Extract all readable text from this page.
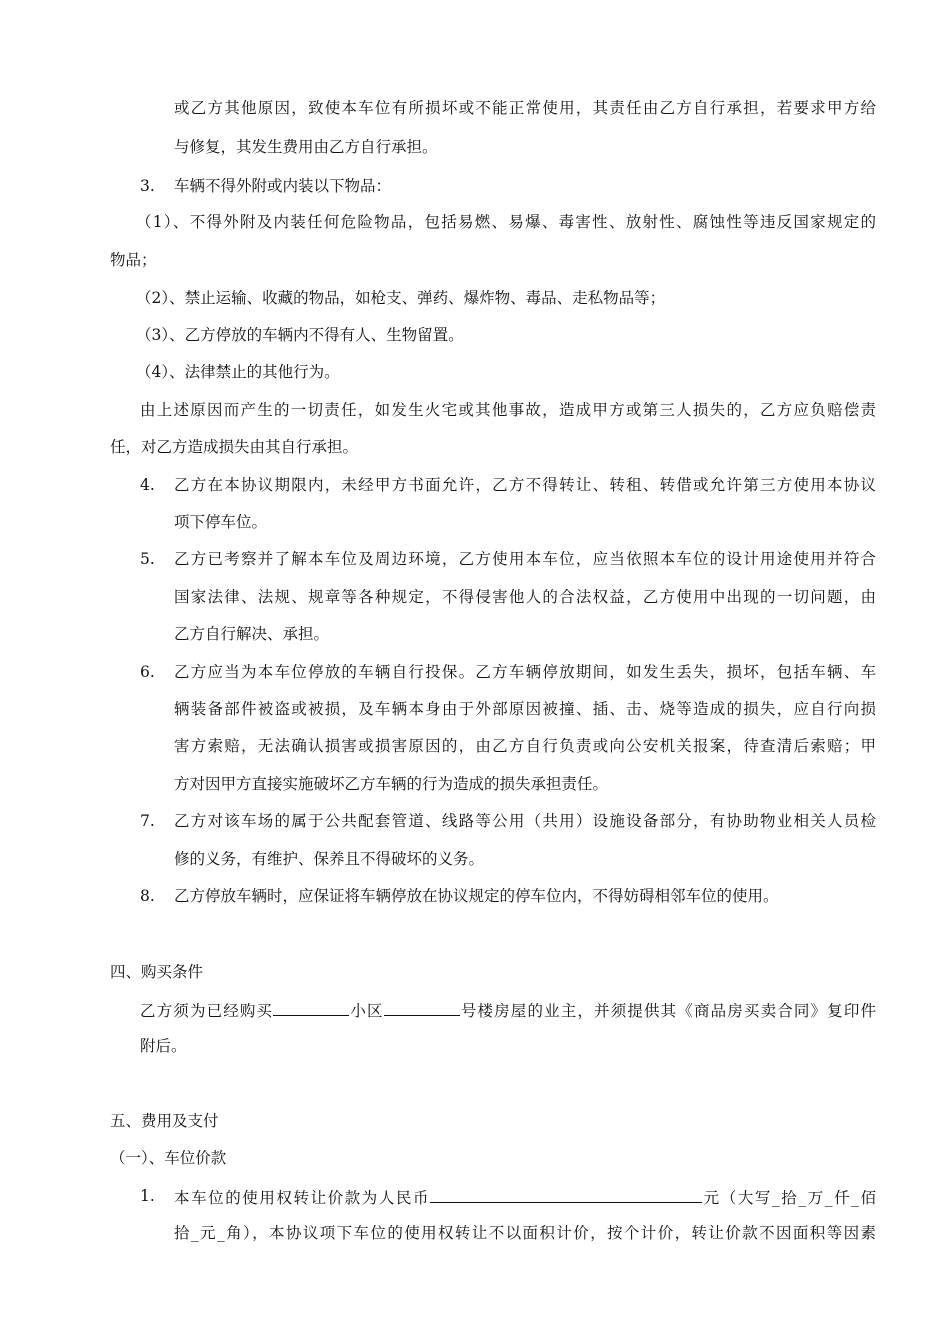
或乙方其他原因，致使本车位有所损坏或不能正常使用，其责任由乙方自行承担，若要求甲方给
与修复，其发生费用由乙方自行承担。
3. 车辆不得外附或内装以下物品：
（1）、不得外附及内装任何危险物品，包括易燃、易爆、毒害性、放射性、腐蚀性等违反国家规定的
物品；
（2）、禁止运输、收藏的物品，如枪支、弹药、爆炸物、毒品、走私物品等；
（3）、乙方停放的车辆内不得有人、生物留置。
（4）、法律禁止的其他行为。
由上述原因而产生的一切责任，如发生火宅或其他事故，造成甲方或第三人损失的，乙方应负赔偿责
任，对乙方造成损失由其自行承担。
4. 乙方在本协议期限内，未经甲方书面允许，乙方不得转让、转租、转借或允许第三方使用本协议
项下停车位。
5. 乙方已考察并了解本车位及周边环境，乙方使用本车位，应当依照本车位的设计用途使用并符合
国家法律、法规、规章等各种规定，不得侵害他人的合法权益，乙方使用中出现的一切问题，由
乙方自行解决、承担。
6. 乙方应当为本车位停放的车辆自行投保。乙方车辆停放期间，如发生丢失，损坏，包括车辆、车
辆装备部件被盗或被损，及车辆本身由于外部原因被撞、插、击、烧等造成的损失，应自行向损
害方索赔，无法确认损害或损害原因的，由乙方自行负责或向公安机关报案，待查清后索赔；甲
方对因甲方直接实施破坏乙方车辆的行为造成的损失承担责任。
7. 乙方对该车场的属于公共配套管道、线路等公用（共用）设施设备部分，有协助物业相关人员检
修的义务，有维护、保养且不得破坏的义务。
8. 乙方停放车辆时，应保证将车辆停放在协议规定的停车位内，不得妨碍相邻车位的使用。
四、购买条件
乙方须为已经购买	小区	号楼房屋的业主，并须提供其《商品房买卖合同》复印件
附后。
五、费用及支付
（一）、车位价款
1. 本车位的使用权转让价款为人民币	元（大写_拾_万_仟_佰
拾_元_角），本协议项下车位的使用权转让不以面积计价，按个计价，转让价款不因面积等因素
